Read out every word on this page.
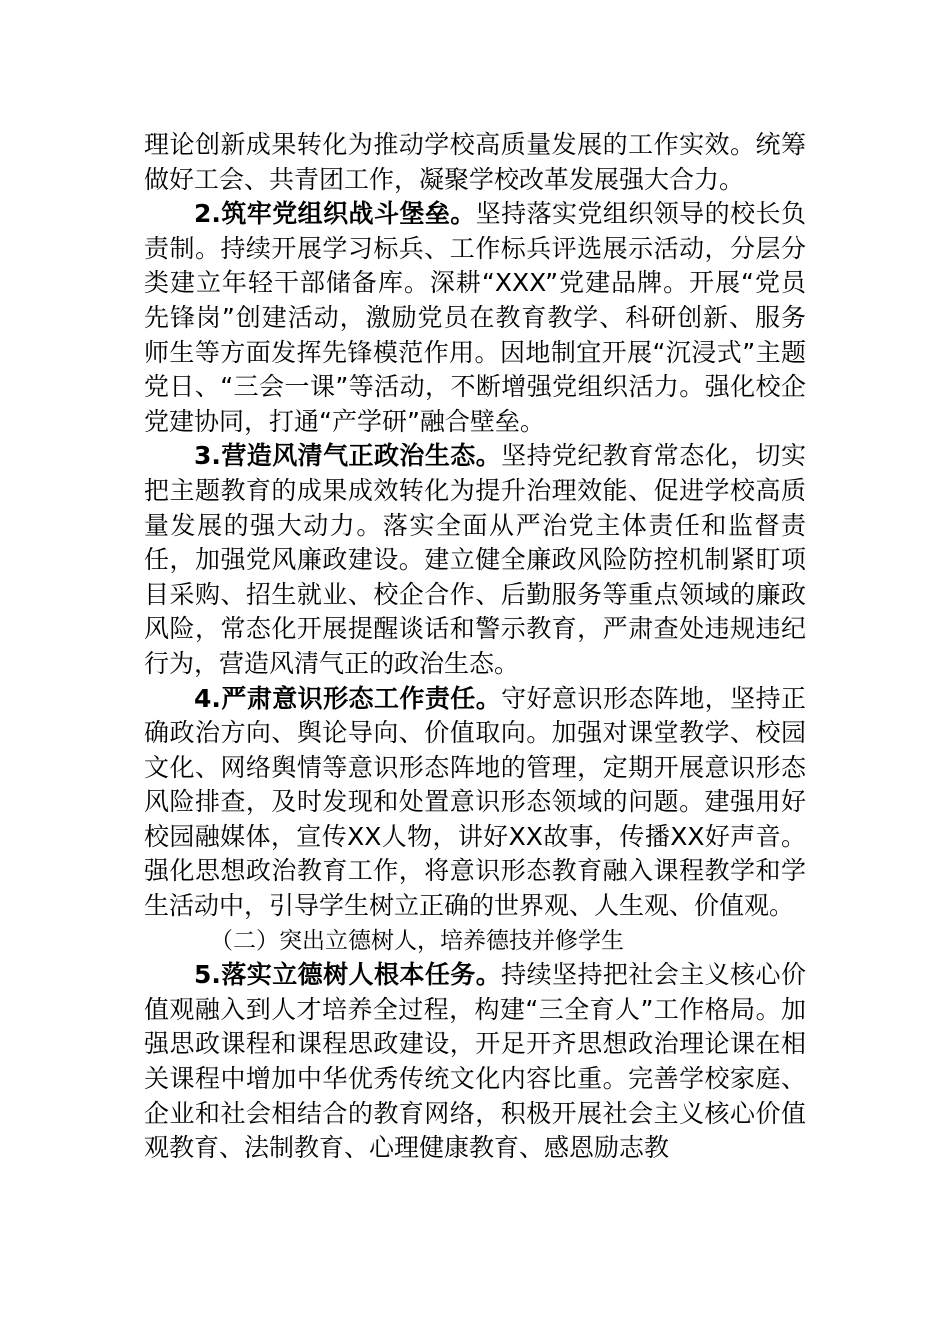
理论创新成果转化为推动学校高质量发展的工作实效。统筹做好工会、共青团工作，凝聚学校改革发展强大合力。

2.筑牢党组织战斗堡垒。坚持落实党组织领导的校长负责制。持续开展学习标兵、工作标兵评选展示活动，分层分类建立年轻干部储备库。深耕“XXX”党建品牌。开展“党员先锋岗”创建活动，激励党员在教育教学、科研创新、服务师生等方面发挥先锋模范作用。因地制宜开展“沉浸式”主题党日、“三会一课”等活动，不断增强党组织活力。强化校企党建协同，打通“产学研”融合壁垒。

3.营造风清气正政治生态。坚持党纪教育常态化，切实把主题教育的成果成效转化为提升治理效能、促进学校高质量发展的强大动力。落实全面从严治党主体责任和监督责任，加强党风廉政建设。建立健全廉政风险防控机制紧盯项目采购、招生就业、校企合作、后勤服务等重点领域的廉政风险，常态化开展提醒谈话和警示教育，严肃查处违规违纪行为，营造风清气正的政治生态。

4.严肃意识形态工作责任。守好意识形态阵地，坚持正确政治方向、舆论导向、价值取向。加强对课堂教学、校园文化、网络舆情等意识形态阵地的管理，定期开展意识形态风险排查，及时发现和处置意识形态领域的问题。建强用好校园融媒体，宣传XX人物，讲好XX故事，传播XX好声音。强化思想政治教育工作，将意识形态教育融入课程教学和学生活动中，引导学生树立正确的世界观、人生观、价值观。

（二）突出立德树人，培养德技并修学生

5.落实立德树人根本任务。持续坚持把社会主义核心价值观融入到人才培养全过程，构建“三全育人”工作格局。加强思政课程和课程思政建设，开足开齐思想政治理论课在相关课程中增加中华优秀传统文化内容比重。完善学校家庭、企业和社会相结合的教育网络，积极开展社会主义核心价值观教育、法制教育、心理健康教育、感恩励志教
